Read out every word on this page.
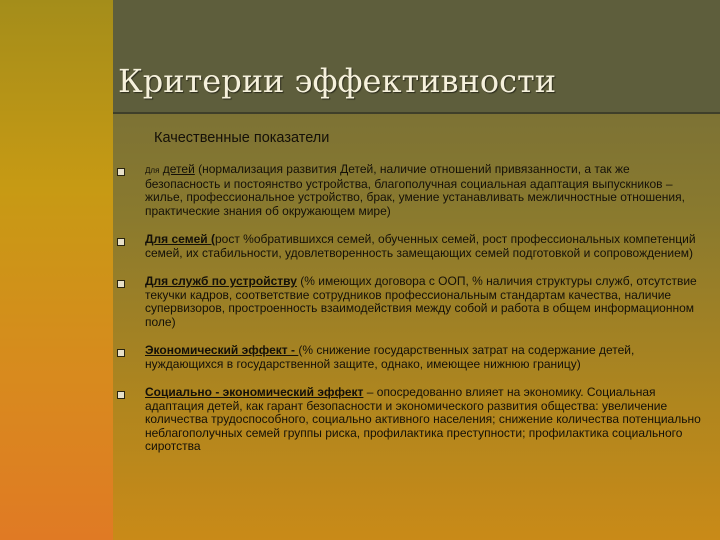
Критерии эффективности
Качественные показатели
Для детей (нормализация развития Детей, наличие отношений привязанности, а так же безопасность и постоянство устройства, благополучная социальная адаптация выпускников – жилье, профессиональное устройство, брак, умение устанавливать межличностные отношения, практические знания об окружающем мире)
Для семей (рост %обратившихся семей, обученных семей, рост профессиональных компетенций семей, их стабильности, удовлетворенность замещающих семей подготовкой и сопровождением)
Для служб по устройству (% имеющих договора с ООП, % наличия структуры служб, отсутствие текучки кадров, соответствие сотрудников профессиональным стандартам качества, наличие супервизоров, простроенность взаимодействия между собой и работа в общем информационном поле)
Экономический эффект - (% снижение государственных затрат на содержание детей, нуждающихся в государственной защите, однако, имеющее нижнюю границу)
Социально - экономический эффект – опосредованно влияет на экономику. Социальная адаптация детей, как гарант безопасности и экономического развития общества: увеличение количества трудоспособного, социально активного населения; снижение количества потенциально неблагополучных семей группы риска, профилактика преступности; профилактика социального сиротства
